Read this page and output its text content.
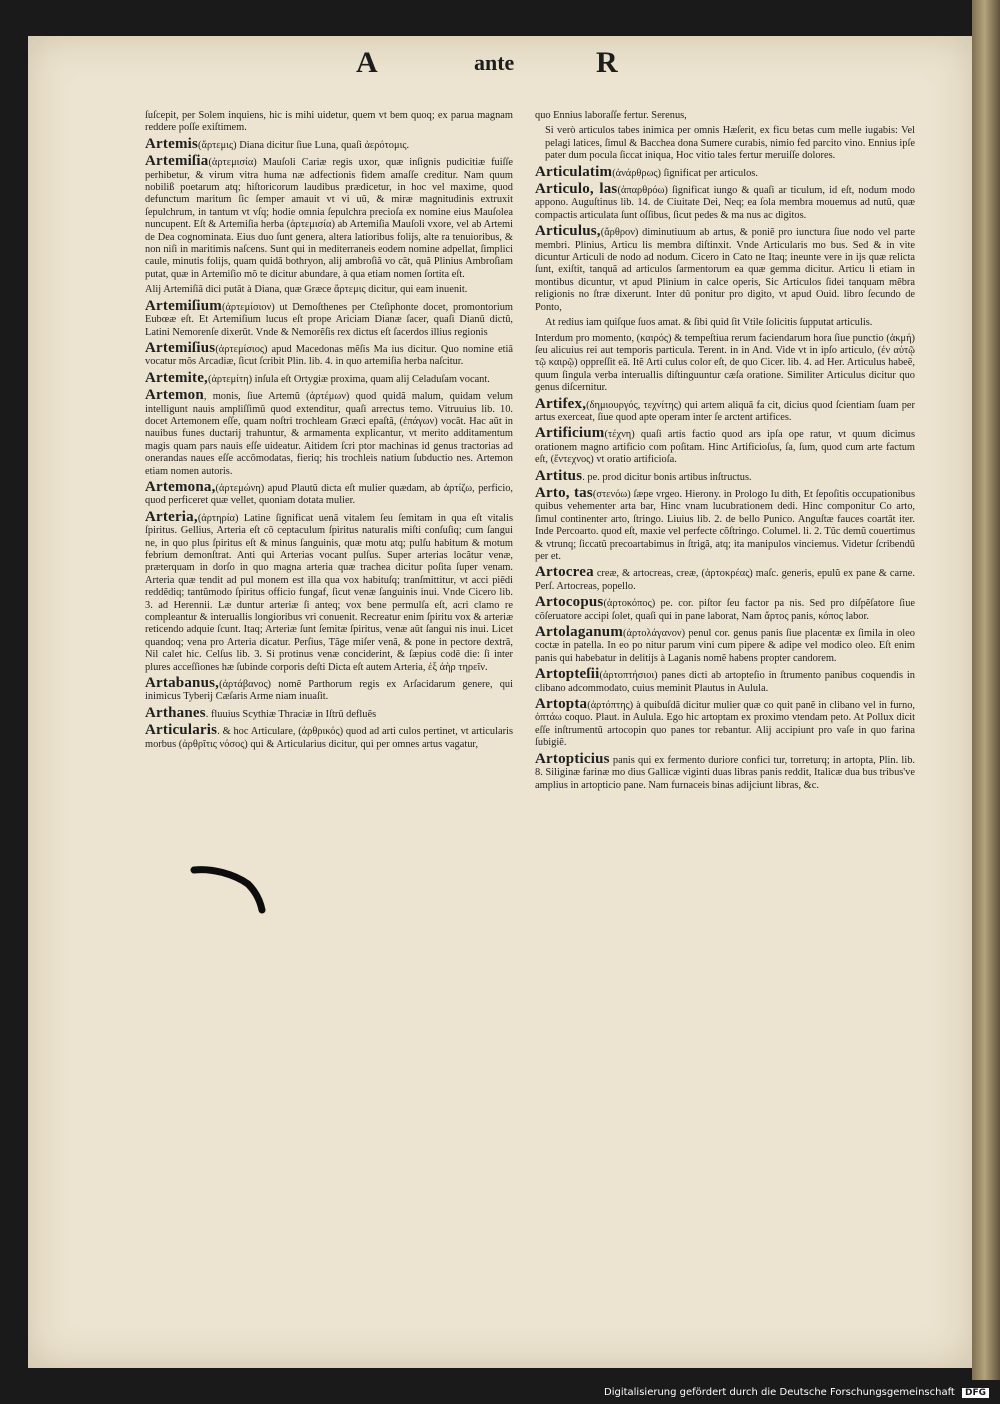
A	ante	R

ſuſcepit, per Solem inquiens, hic is mihi uidetur, quem vt bem quoq; ex parua magnam reddere poſſe exiſtimem.

Artemis(ἄρτεμις) Diana dicitur ſiue Luna, quaſi ἀερότομις.

Artemiſia(ἀρτεμισία) Mauſoli Cariæ regis uxor, quæ inſignis pudicitiæ fuiſſe perhibetur, & virum vitra huma næ adfectionis fidem amaſſe creditur. Nam quum nobiliß poetarum atq; hiſtoricorum laudibus prædicetur, in hoc vel maxime, quod defunctum maritum ſic ſemper amauit vt vi uũ, & miræ magnitudinis extruxit ſepulchrum, in tantum vt vſq; hodie omnia ſepulchra precioſa ex nomine eius Mauſolea nuncupent. Eſt & Artemiſia herba (ἀρτεμισία) ab Artemiſia Mauſoli vxore, vel ab Artemi de Dea cognominata. Eius duo ſunt genera, altera latioribus folijs, alte ra tenuioribus, & non niſi in maritimis naſcens. Sunt qui in mediterraneis eodem nomine adpellat, ſimplici caule, minutis folijs, quam quidã bothryon, alij ambroſiã vo cãt, quã Plinius Ambroſiam putat, quæ in Artemiſio mõ te dicitur abundare, à qua etiam nomen ſortita eſt.

Alij Artemiſiã dici putãt à Diana, quæ Græce ἄρτεμις dicitur, qui eam inuenit.

Artemiſium(ἀρτεμίσιον) ut Demoſthenes per Cteſiphonte docet, promontorium Eubœæ eſt. Et Artemiſium lucus eſt prope Ariciam Dianæ ſacer, quaſi Dianũ dictũ, Latini Nemorenſe dixerũt. Vnde & Nemorẽſis rex dictus eſt ſacerdos illius regionis

Artemiſius(ἀρτεμίσιος) apud Macedonas mẽſis Ma ius dicitur. Quo nomine etiã vocatur mõs Arcadiæ, ſicut ſcribit Plin. lib. 4. in quo artemiſia herba naſcitur.

Artemite,(ἀρτεμίτη) inſula eſt Ortygiæ proxima, quam alij Celaduſam vocant.

Artemon, monis, ſiue Artemũ (ἀρτέμων) quod quidã malum, quidam velum intelligunt nauis ampliſſimũ quod extenditur, quaſi arrectus temo. Vitruuius lib. 10. docet Artemonem eſſe, quam noſtri trochleam Græci epaſtã, (ἐπάγων) vocãt. Hac aũt in nauibus funes ductarij trahuntur, & armamenta explicantur, vt merito additamentum magis quam pars nauis eſſe uideatur. Aitidem ſcri ptor machinas id genus tractorias ad onerandas naues eſſe accõmodatas, fieriq; his trochleis natium ſubductio nes. Artemon etiam nomen autoris.

Artemona,(ἀρτεμώνη) apud Plautũ dicta eſt mulier quædam, ab ἀρτίζω, perficio, quod perficeret quæ vellet, quoniam dotata mulier.

Arteria,(ἀρτηρία) Latine ſignificat uenã vitalem ſeu ſemitam in qua eſt vitalis ſpiritus. Gellius, Arteria eſt cõ ceptaculum ſpiritus naturalis miſti conſuſiq; cum ſangui ne, in quo plus ſpiritus eſt & minus ſanguinis, quæ motu atq; pulſu habitum & motum febrium demonſtrat. Anti qui Arterias vocant pulſus. Super arterias locãtur venæ, præterquam in dorſo in quo magna arteria quæ trachea dicitur poſita ſuper venam. Arteria quæ tendit ad pul monem est illa qua vox habituſq; tranſmittitur, vt acci piẽdi reddẽdiq; tantũmodo ſpiritus officio fungaf, ſicut venæ ſanguinis inui. Vnde Cicero lib. 3. ad Herennii. Læ duntur arteriæ ſi anteq; vox bene permulſa eſt, acri clamo re compleantur & interuallis longioribus vri conuenit. Recreatur enim ſpiritu vox & arteriæ reticendo adquie ſcunt. Itaq; Arteriæ ſunt ſemitæ ſpiritus, venæ aũt ſangui nis inui. Licet quandoq; vena pro Arteria dicatur. Perſius, Tãge miſer venã, & pone in pectore dextrã, Nil calet hic. Celſus lib. 3. Si protinus venæ conciderint, & ſæpius codẽ die: ſi inter plures acceſſiones hæ ſubinde corporis deſti Dicta eſt autem Arteria, ἐξ ἀὴρ τηρεῖν.

Artabanus,(ἀρτάβανος) nomẽ Parthorum regis ex Arſacidarum genere, qui inimicus Tyberij Cæſaris Arme niam inuaſit.

Arthanes. fluuius Scythiæ Thraciæ in Iſtrũ defluẽs

Articularis. & hoc Articulare, (ἀρθρικός) quod ad arti culos pertinet, vt articularis morbus (ἀρθρῖτις νόσος) qui & Articularius dicitur, qui per omnes artus vagatur,

quo Ennius laboraſſe fertur. Serenus,

Si verò articulos tabes inimica per omnis Hæſerit, ex ficu betas cum melle iugabis: Vel pelagi latices, ſimul & Bacchea dona Sumere curabis, nimio fed parcito vino. Ennius ipſe pater dum pocula ſiccat iniqua, Hoc vitio tales fertur meruiſſe dolores.

Articulatim(ἀνάρθρως) ſignificat per articulos.

Articulo, las(ἀπαρθρόω) ſignificat iungo & quaſi ar ticulum, id eſt, nodum modo appono. Auguſtinus lib. 14. de Ciuitate Dei, Neq; ea ſola membra mouemus ad nutũ, quæ compactis articulata ſunt oſſibus, ſicut pedes & ma nus ac digitos.

Articulus,(ἄρθρον) diminutiuum ab artus, & poniẽ pro iunctura ſiue nodo vel parte membri. Plinius, Articu lis membra diſtinxit. Vnde Articularis mo bus. Sed & in vite dicuntur Articuli de nodo ad nodum. Cicero in Cato ne Itaq; ineunte vere in ijs quæ relicta ſunt, exiſtit, tanquã ad articulos ſarmentorum ea quæ gemma dicitur. Articu li etiam in montibus dicuntur, vt apud Plinium in calce operis, Sic Articulos ſidei tanquam mẽbra religionis no ſtræ dixerunt. Inter dũ ponitur pro digito, vt apud Ouid. libro ſecundo de Ponto,

At redius iam quiſque ſuos amat. & ſibi quid ſit Vtile ſolicitis ſupputat articulis.

Interdum pro momento, (καιρός) & tempeſtiua rerum faciendarum hora ſiue punctio (ἀκμή) ſeu alicuius rei aut temporis particula. Terent. in in And. Vide vt in ipſo articulo, (ἐν αὐτῷ τῷ καιρῷ) oppreſſit eã. Itẽ Arti culus color eſt, de quo Cicer. lib. 4. ad Her. Articulus habeẽ, quum ſingula verba interuallis diſtinguuntur cæſa oratione. Similiter Articulus dicitur quo genus diſcernitur.

Artifex,(δημιουργός, τεχνίτης) qui artem aliquã fa cit, dicius quod ſcientiam ſuam per artus exerceat, ſiue quod apte operam inter ſe arctent artifices.

Artificium(τέχνη) quaſi artis factio quod ars ipſa ope ratur, vt quum dicimus orationem magno artificio com poſitam. Hinc Artificioſus, ſa, ſum, quod cum arte factum eſt, (ἔντεχνος) vt oratio artificioſa.

Artitus. pe. prod dicitur bonis artibus inſtructus.

Arto, tas(στενόω) ſæpe vrgeo. Hierony. in Prologo Iu dith, Et ſepoſitis occupationibus quibus vehementer arta bar, Hinc vnam lucubrationem dedi. Hinc componitur Co arto, ſimul continenter arto, ſtringo. Liuius lib. 2. de bello Punico. Anguſtæ fauces coartãt iter. Inde Percoarto. quod eſt, maxie vel perfecte cõſtringo. Columel. li. 2. Tũc demũ couertimus & vtrunq; ſiccatũ precoartabimus in ſtrigã, atq; ita manipulos vinciemus. Videtur ſcribendũ per et.

Artocrea creæ, & artocreas, creæ, (ἀρτοκρέας) maſc. generis, epulũ ex pane & carne. Perſ. Artocreas, popello.

Artocopus(ἀρτοκόπος) pe. cor. piſtor ſeu factor pa nis. Sed pro diſpẽſatore ſiue cõſeruatore accipi ſolet, quaſi qui in pane laborat, Nam ἄρτος panis, κόπος labor.

Artolaganum(ἀρτολάγανον) penul cor. genus panis ſiue placentæ ex ſimila in oleo coctæ in patella. In eo po nitur parum vini cum pipere & adipe vel modico oleo. Eſt enim panis qui habebatur in delitijs à Laganis nomẽ habens propter candorem.

Artopteſii(ἀρτοπτήσιοι) panes dicti ab artopteſio in ſtrumento panibus coquendis in clibano adcommodato, cuius meminit Plautus in Aulula.

Artopta(ἀρτόπτης) à quibuſdã dicitur mulier quæ co quit panẽ in clibano vel in furno, ὀπτάω coquo. Plaut. in Aulula. Ego hic artoptam ex proximo vtendam peto. At Pollux dicit eſſe inſtrumentũ artocopin quo panes tor rebantur. Alij accipiunt pro vaſe in quo farina ſubigiẽ.

Artopticius panis qui ex fermento duriore confici tur, torreturq; in artopta, Plin. lib. 8. Siliginæ farinæ mo dius Gallicæ viginti duas libras panis reddit, Italicæ dua bus tribus've amplius in artopticio pane. Nam furnaceis binas adijciunt libras, &c.

Digitalisierung gefördert durch die Deutsche Forschungsgemeinschaft DFG
